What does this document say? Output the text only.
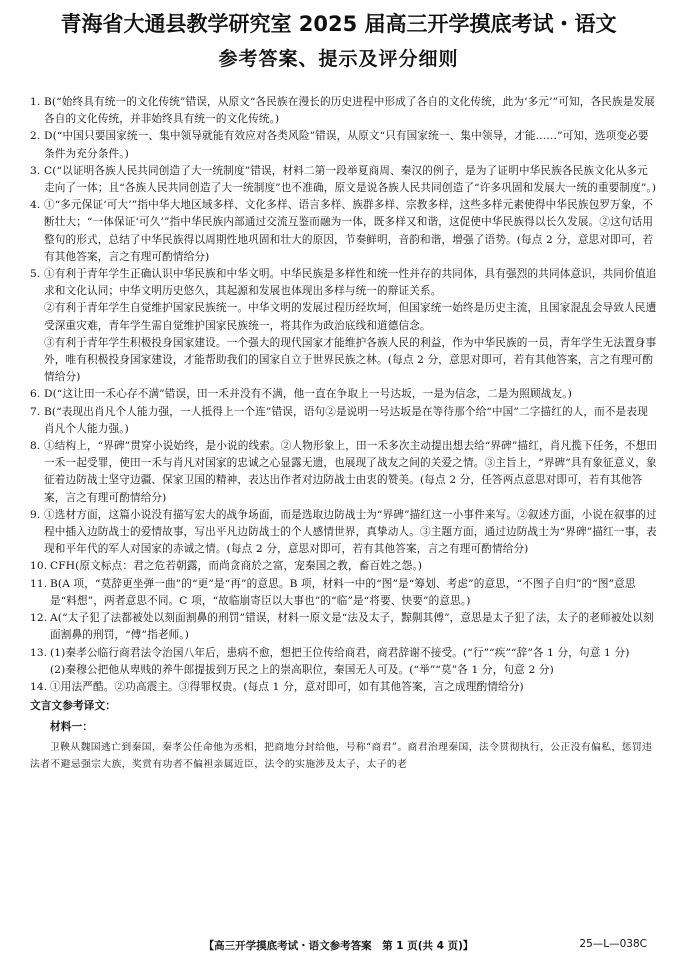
青海省大通县教学研究室 2025 届高三开学摸底考试・语文
参考答案、提示及评分细则
1. B(“始终具有统一的文化传统”错误，从原文“各民族在漫长的历史进程中形成了各自的文化传统，此为‘多元’”可知，各民族是发展各自的文化传统，并非始终具有统一的文化传统。)

2. D(“中国只要国家统一、集中领导就能有效应对各类风险”错误，从原文“只有国家统一、集中领导，才能……”可知，选项变必要条件为充分条件。)

3. C(“以证明各族人民共同创造了大一统制度”错误，材料二第一段举夏商周、秦汉的例子，是为了证明中华民族各民族文化从多元走向了一体；且“各族人民共同创造了大一统制度”也不准确，原文是说各族人民共同创造了“许多巩固和发展大一统的重要制度”。)

4. ①“多元保证‘可大’”指中华大地区域多样、文化多样、语言多样、族群多样、宗教多样，这些多样元素使得中华民族包罗万象，不断壮大；“一体保证‘可久’”指中华民族内部通过交流互鉴而融为一体，既多样又和谐，这促使中华民族得以长久发展。②这句话用整句的形式，总结了中华民族得以周期性地巩固和壮大的原因，节奏鲜明，音韵和谐，增强了语势。(每点 2 分，意思对即可，若有其他答案，言之有理可酌情给分)

5. ①有利于青年学生正确认识中华民族和中华文明。中华民族是多样性和统一性并存的共同体，具有强烈的共同体意识，共同价值追求和文化认同；中华文明历史悠久，其起源和发展也体现出多样与统一的辩证关系。

②有利于青年学生自觉维护国家民族统一。中华文明的发展过程历经坎坷，但国家统一始终是历史主流，且国家混乱会导致人民遭受深重灾难，青年学生需自觉维护国家民族统一，将其作为政治底线和道德信念。

③有利于青年学生积极投身国家建设。一个强大的现代国家才能维护各族人民的利益，作为中华民族的一员，青年学生无法置身事外，唯有积极投身国家建设，才能帮助我们的国家自立于世界民族之林。(每点 2 分，意思对即可，若有其他答案，言之有理可酌情给分)

6. D(“这让田一禾心存不满”错误，田一禾并没有不满，他一直在争取上一号达坂，一是为信念，二是为照顾战友。)

7. B(“表现出肖凡个人能力强，一人抵得上一个连”错误，语句②是说明一号达坂是在等待那个给“中国”二字描红的人，而不是表现肖凡个人能力强。)

8. ①结构上，“界碑”贯穿小说始终，是小说的线索。②人物形象上，田一禾多次主动提出想去给“界碑”描红，肖凡揽下任务，不想田一禾一起受罪，使田一禾与肖凡对国家的忠诚之心显露无遗，也展现了战友之间的关爱之情。③主旨上，“界碑”具有象征意义，象征着边防战士坚守边疆、保家卫国的精神，表达出作者对边防战士由衷的赞美。(每点 2 分，任答两点意思对即可，若有其他答案，言之有理可酌情给分)

9. ①选材方面，这篇小说没有描写宏大的战争场面，而是选取边防战士为“界碑”描红这一小事件来写。②叙述方面，小说在叙事的过程中插入边防战士的爱情故事，写出平凡边防战士的个人感情世界，真挚动人。③主题方面，通过边防战士为“界碑”描红一事，表现和平年代的军人对国家的赤诚之情。(每点 2 分，意思对即可，若有其他答案，言之有理可酌情给分)

10. CFH(原文标点：君之危若朝露，而尚贪商於之富，宠秦国之教，畜百姓之怨。)

11. B(A 项，“莫辞更坐弹一曲”的“更”是“再”的意思。B 项，材料一中的“图”是“筹划、考虑”的意思，“不图子自归”的“图”意思是“料想”，两者意思不同。C 项，“故临崩寄臣以大事也”的“临”是“将要、快要”的意思。)

12. A(“太子犯了法都被处以刻面割鼻的刑罚”错误，材料一原文是“法及太子，黥劓其傅”，意思是太子犯了法，太子的老师被处以刻面割鼻的刑罚，“傅”指老师。)

13. (1)秦孝公临行商君法令治国八年后，患病不愈，想把王位传给商君，商君辞谢不接受。(“行”“疾”“辞”各 1 分，句意 1 分)

(2)秦穆公把他从卑贱的养牛郎提拔到万民之上的崇高职位，秦国无人可及。(“举”“莫”各 1 分，句意 2 分)

14. ①用法严酷。②功高震主。③得罪权贵。(每点 1 分，意对即可，如有其他答案，言之成理酌情给分)

文言文参考译文：
材料一：
卫鞅从魏国逃亡到秦国，秦孝公任命他为丞相，把商地分封给他，号称“商君”。商君治理秦国，法令贯彻执行，公正没有偏私，惩罚违法者不避忌强宗大族，奖赏有功者不偏袒亲属近臣，法令的实施涉及太子，太子的老
【高三开学摸底考试・语文参考答案　第 1 页(共 4 页)】	25—L—038C
